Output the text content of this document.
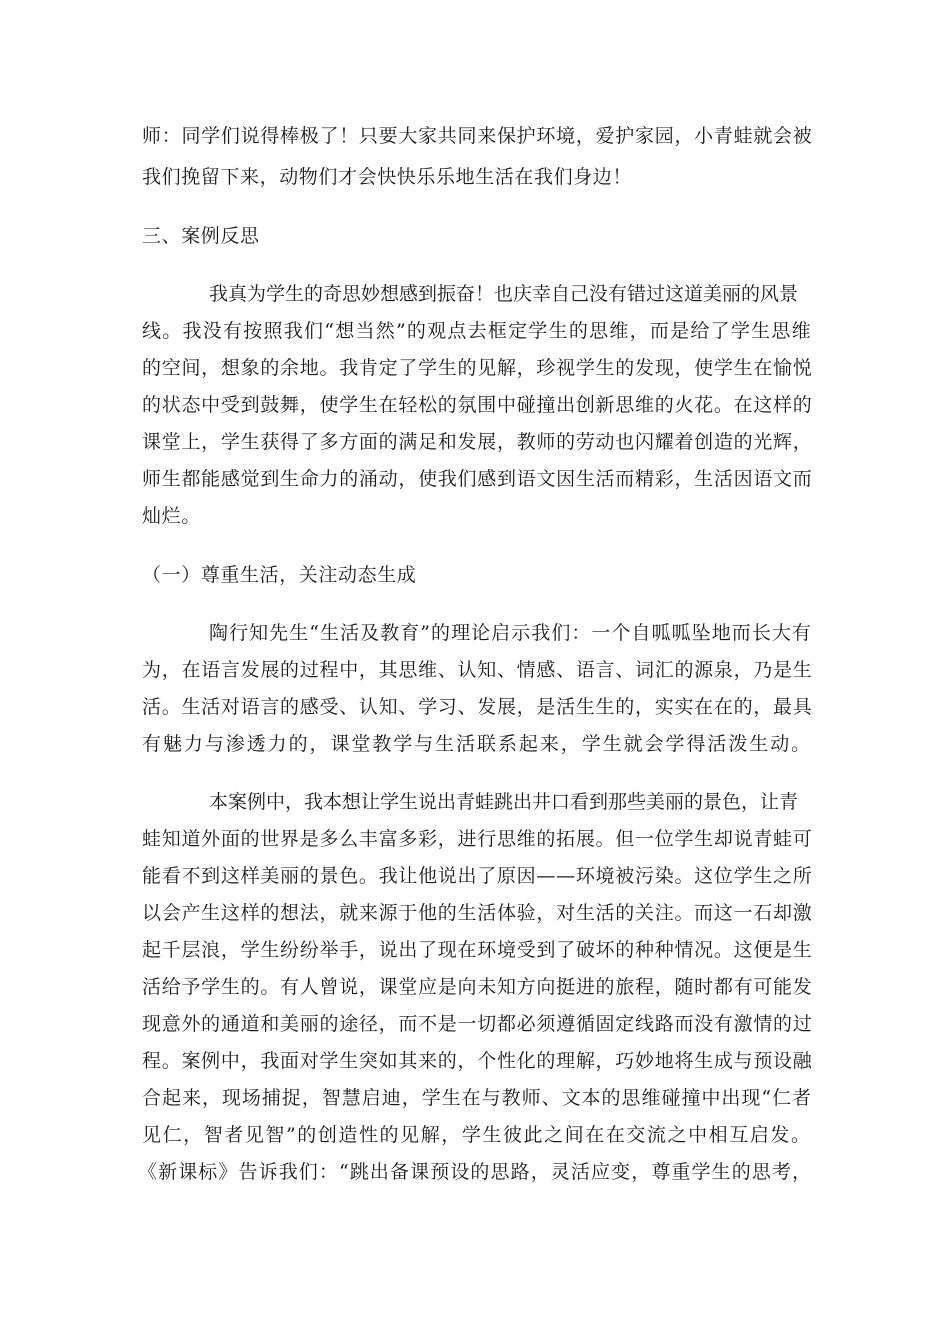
师：同学们说得棒极了！只要大家共同来保护环境，爱护家园，小青蛙就会被
我们挽留下来，动物们才会快快乐乐地生活在我们身边！
三、案例反思
我真为学生的奇思妙想感到振奋！也庆幸自己没有错过这道美丽的风景
线。我没有按照我们“想当然”的观点去框定学生的思维，而是给了学生思维
的空间，想象的余地。我肯定了学生的见解，珍视学生的发现，使学生在愉悦
的状态中受到鼓舞，使学生在轻松的氛围中碰撞出创新思维的火花。在这样的
课堂上，学生获得了多方面的满足和发展，教师的劳动也闪耀着创造的光辉，
师生都能感觉到生命力的涌动，使我们感到语文因生活而精彩，生活因语文而
灿烂。
（一）尊重生活，关注动态生成
陶行知先生“生活及教育”的理论启示我们：一个自呱呱坠地而长大有
为，在语言发展的过程中，其思维、认知、情感、语言、词汇的源泉，乃是生
活。生活对语言的感受、认知、学习、发展，是活生生的，实实在在的，最具
有魅力与渗透力的，课堂教学与生活联系起来，学生就会学得活泼生动。
本案例中，我本想让学生说出青蛙跳出井口看到那些美丽的景色，让青
蛙知道外面的世界是多么丰富多彩，进行思维的拓展。但一位学生却说青蛙可
能看不到这样美丽的景色。我让他说出了原因——环境被污染。这位学生之所
以会产生这样的想法，就来源于他的生活体验，对生活的关注。而这一石却激
起千层浪，学生纷纷举手，说出了现在环境受到了破坏的种种情况。这便是生
活给予学生的。有人曾说，课堂应是向未知方向挺进的旅程，随时都有可能发
现意外的通道和美丽的途径，而不是一切都必须遵循固定线路而没有激情的过
程。案例中，我面对学生突如其来的，个性化的理解，巧妙地将生成与预设融
合起来，现场捕捉，智慧启迪，学生在与教师、文本的思维碰撞中出现“仁者
见仁，智者见智”的创造性的见解，学生彼此之间在在交流之中相互启发。
《新课标》告诉我们：“跳出备课预设的思路，灵活应变，尊重学生的思考，
